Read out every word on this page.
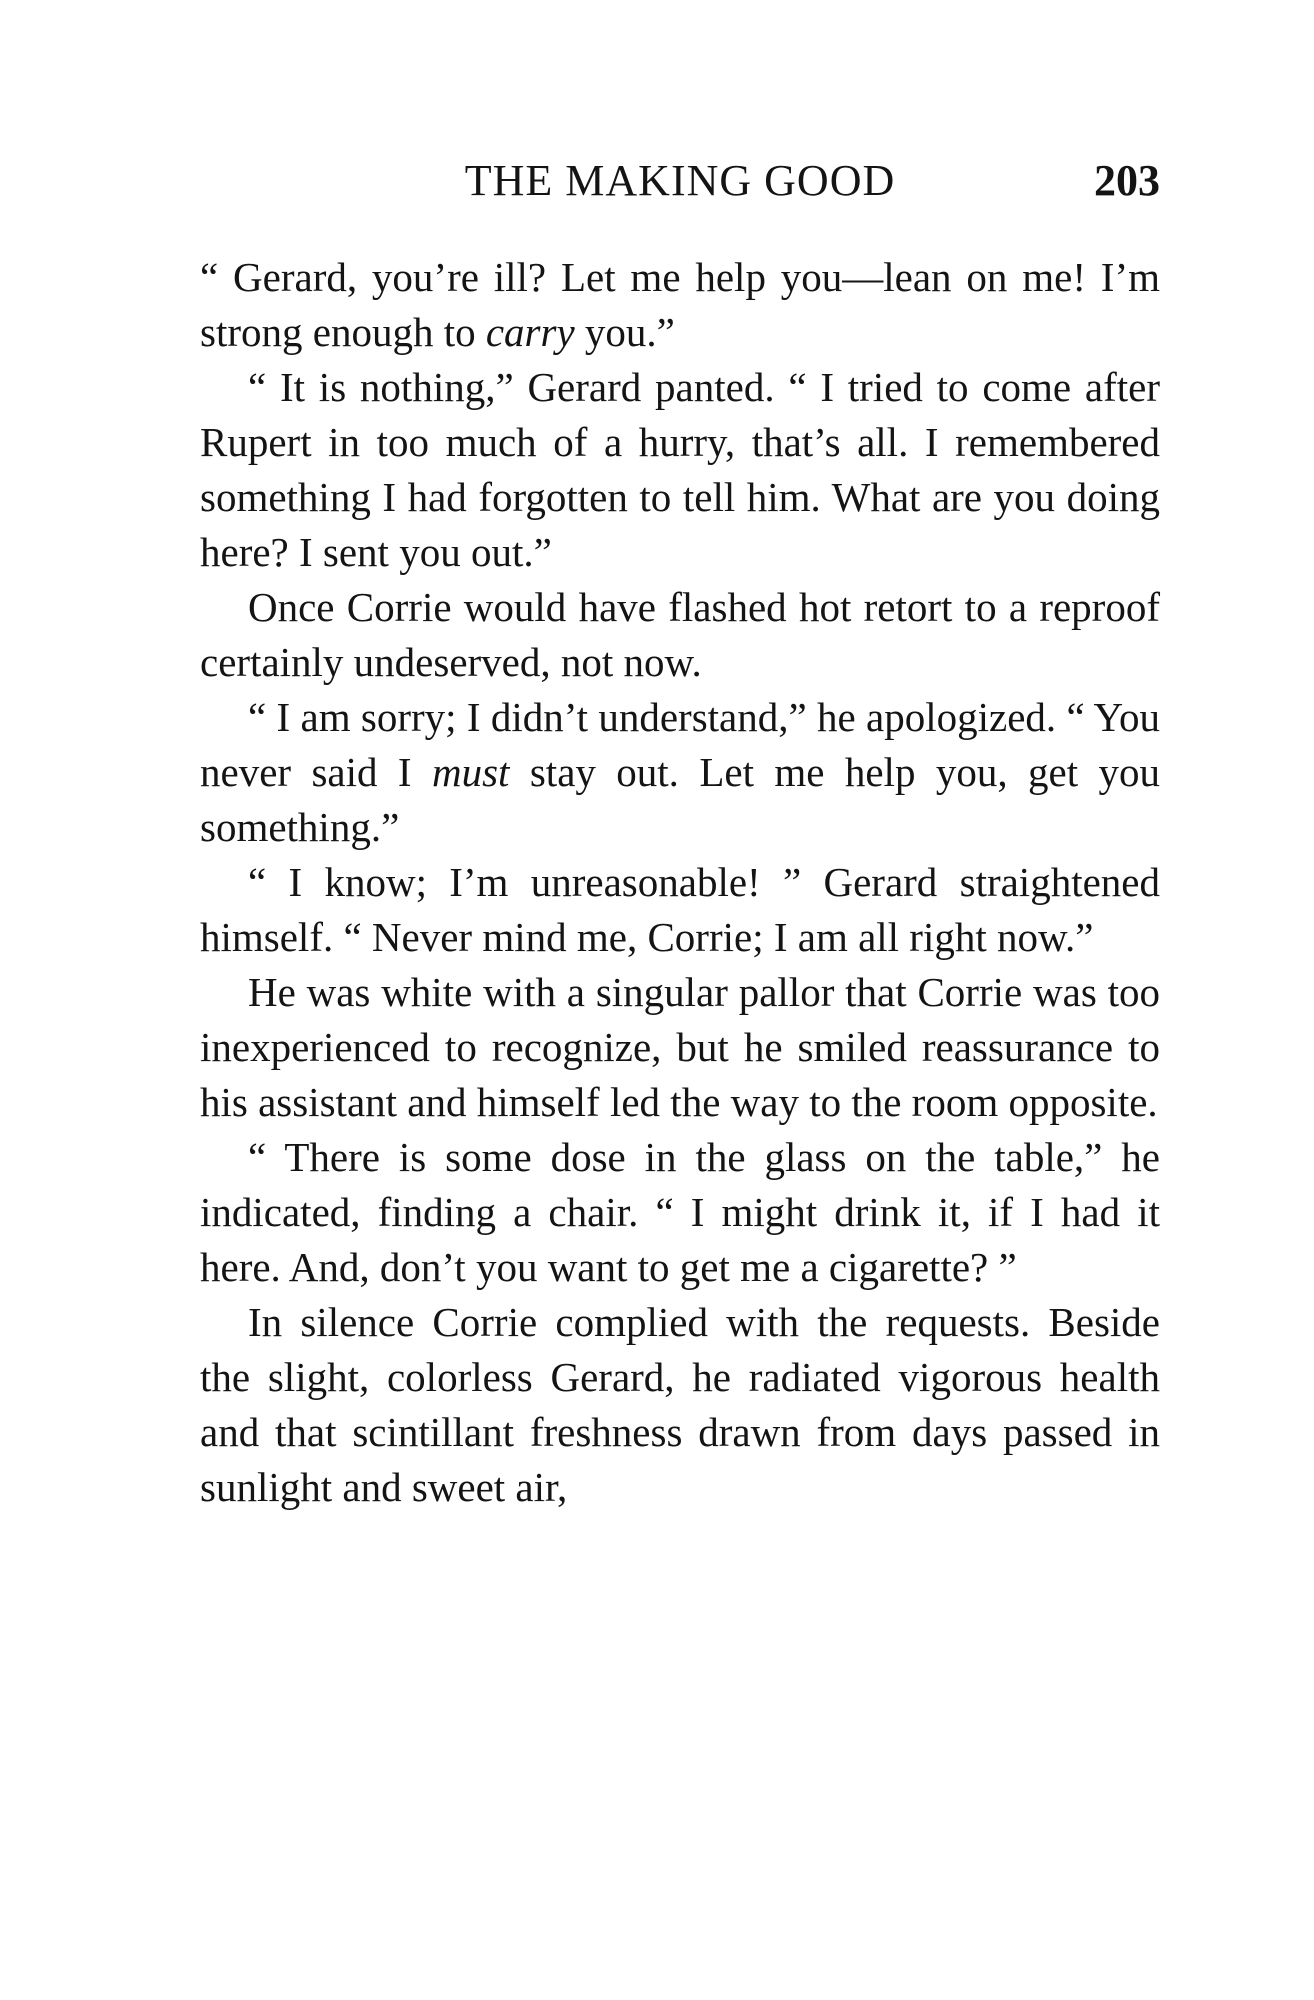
THE MAKING GOOD	203

“ Gerard, you’re ill? Let me help you—lean on me! I’m strong enough to carry you.”

“ It is nothing,” Gerard panted. “ I tried to come after Rupert in too much of a hurry, that’s all. I remembered something I had forgotten to tell him. What are you doing here? I sent you out.”

Once Corrie would have flashed hot retort to a reproof certainly undeserved, not now.

“ I am sorry; I didn’t understand,” he apologized. “ You never said I must stay out. Let me help you, get you something.”

“ I know; I’m unreasonable! ” Gerard straightened himself. “ Never mind me, Corrie; I am all right now.”

He was white with a singular pallor that Corrie was too inexperienced to recognize, but he smiled reassurance to his assistant and himself led the way to the room opposite.

“ There is some dose in the glass on the table,” he indicated, finding a chair. “ I might drink it, if I had it here. And, don’t you want to get me a cigarette? ”

In silence Corrie complied with the requests. Beside the slight, colorless Gerard, he radiated vigorous health and that scintillant freshness drawn from days passed in sunlight and sweet air,
